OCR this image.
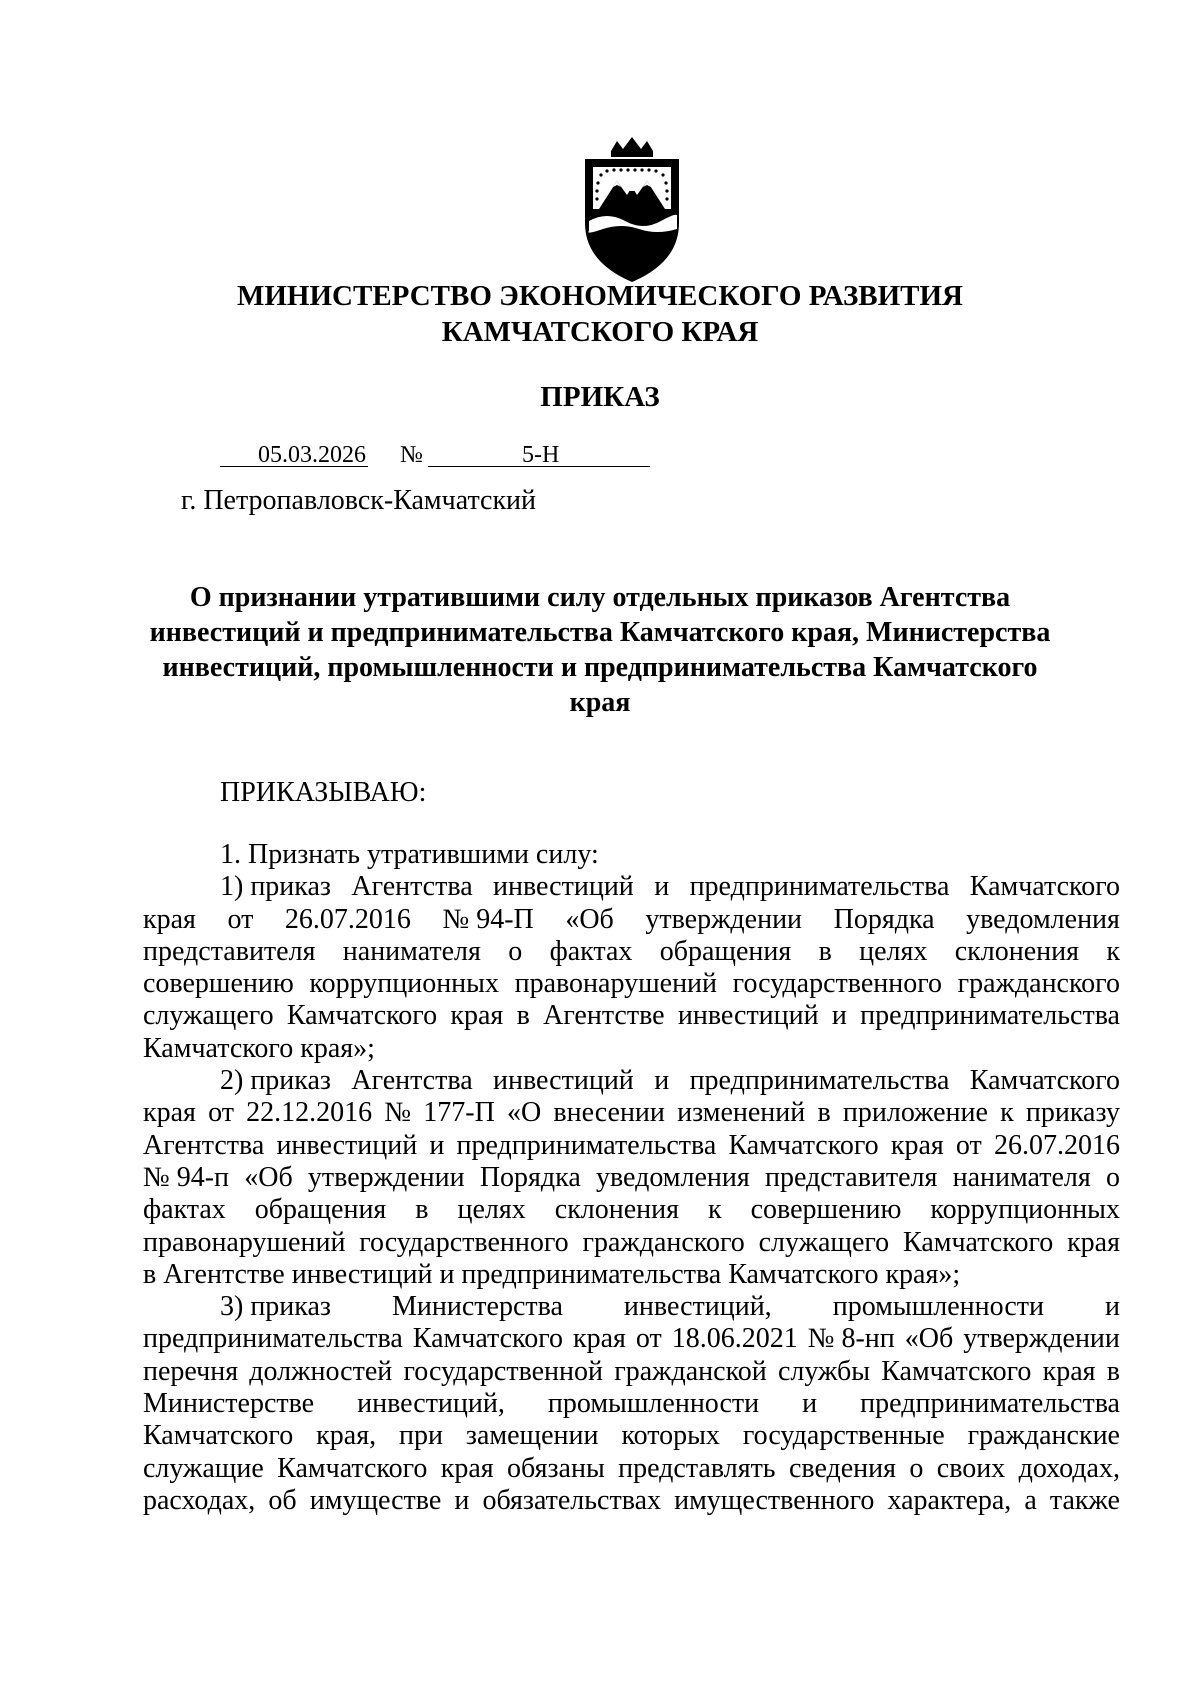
МИНИСТЕРСТВО ЭКОНОМИЧЕСКОГО РАЗВИТИЯ
КАМЧАТСКОГО КРАЯ
ПРИКАЗ
05.03.2026 №	5-Н
г. Петропавловск-Камчатский
О признании утратившими силу отдельных приказов Агентства
инвестиций и предпринимательства Камчатского края, Министерства
инвестиций, промышленности и предпринимательства Камчатского
края
ПРИКАЗЫВАЮ:
1. Признать утратившими силу:
1) приказ Агентства инвестиций и предпринимательства Камчатского
края от 26.07.2016 № 94-П «Об утверждении Порядка уведомления
представителя нанимателя о фактах обращения в целях склонения к
совершению коррупционных правонарушений государственного гражданского
служащего Камчатского края в Агентстве инвестиций и предпринимательства
Камчатского края»;
2) приказ Агентства инвестиций и предпринимательства Камчатского
края от 22.12.2016 № 177-П «О внесении изменений в приложение к приказу
Агентства инвестиций и предпринимательства Камчатского края от 26.07.2016
№ 94-п «Об утверждении Порядка уведомления представителя нанимателя о
фактах обращения в целях склонения к совершению коррупционных
правонарушений государственного гражданского служащего Камчатского края
в Агентстве инвестиций и предпринимательства Камчатского края»;
3) приказ Министерства инвестиций, промышленности и
предпринимательства Камчатского края от 18.06.2021 № 8-нп «Об утверждении
перечня должностей государственной гражданской службы Камчатского края в
Министерстве инвестиций, промышленности и предпринимательства
Камчатского края, при замещении которых государственные гражданские
служащие Камчатского края обязаны представлять сведения о своих доходах,
расходах, об имуществе и обязательствах имущественного характера, а также
